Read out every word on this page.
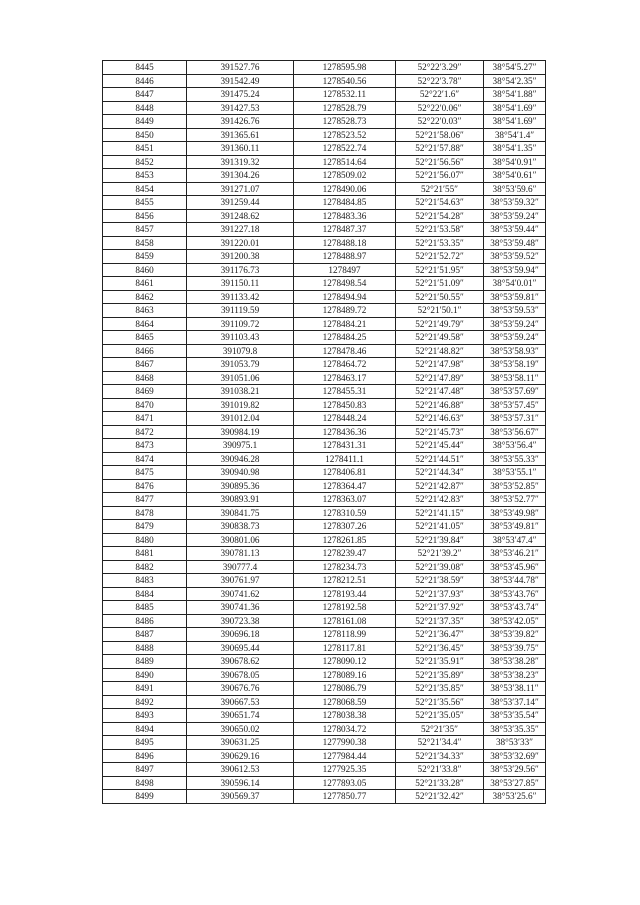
8445	391527.76	1278595.98	52°22′3.29″	38°54′5.27″
8446	391542.49	1278540.56	52°22′3.78″	38°54′2.35″
8447	391475.24	1278532.11	52°22′1.6″	38°54′1.88″
8448	391427.53	1278528.79	52°22′0.06″	38°54′1.69″
8449	391426.76	1278528.73	52°22′0.03″	38°54′1.69″
8450	391365.61	1278523.52	52°21′58.06″	38°54′1.4″
8451	391360.11	1278522.74	52°21′57.88″	38°54′1.35″
8452	391319.32	1278514.64	52°21′56.56″	38°54′0.91″
8453	391304.26	1278509.02	52°21′56.07″	38°54′0.61″
8454	391271.07	1278490.06	52°21′55″	38°53′59.6″
8455	391259.44	1278484.85	52°21′54.63″	38°53′59.32″
8456	391248.62	1278483.36	52°21′54.28″	38°53′59.24″
8457	391227.18	1278487.37	52°21′53.58″	38°53′59.44″
8458	391220.01	1278488.18	52°21′53.35″	38°53′59.48″
8459	391200.38	1278488.97	52°21′52.72″	38°53′59.52″
8460	391176.73	1278497	52°21′51.95″	38°53′59.94″
8461	391150.11	1278498.54	52°21′51.09″	38°54′0.01″
8462	391133.42	1278494.94	52°21′50.55″	38°53′59.81″
8463	391119.59	1278489.72	52°21′50.1″	38°53′59.53″
8464	391109.72	1278484.21	52°21′49.79″	38°53′59.24″
8465	391103.43	1278484.25	52°21′49.58″	38°53′59.24″
8466	391079.8	1278478.46	52°21′48.82″	38°53′58.93″
8467	391053.79	1278464.72	52°21′47.98″	38°53′58.19″
8468	391051.06	1278463.17	52°21′47.89″	38°53′58.11″
8469	391038.21	1278455.31	52°21′47.48″	38°53′57.69″
8470	391019.82	1278450.83	52°21′46.88″	38°53′57.45″
8471	391012.04	1278448.24	52°21′46.63″	38°53′57.31″
8472	390984.19	1278436.36	52°21′45.73″	38°53′56.67″
8473	390975.1	1278431.31	52°21′45.44″	38°53′56.4″
8474	390946.28	1278411.1	52°21′44.51″	38°53′55.33″
8475	390940.98	1278406.81	52°21′44.34″	38°53′55.1″
8476	390895.36	1278364.47	52°21′42.87″	38°53′52.85″
8477	390893.91	1278363.07	52°21′42.83″	38°53′52.77″
8478	390841.75	1278310.59	52°21′41.15″	38°53′49.98″
8479	390838.73	1278307.26	52°21′41.05″	38°53′49.81″
8480	390801.06	1278261.85	52°21′39.84″	38°53′47.4″
8481	390781.13	1278239.47	52°21′39.2″	38°53′46.21″
8482	390777.4	1278234.73	52°21′39.08″	38°53′45.96″
8483	390761.97	1278212.51	52°21′38.59″	38°53′44.78″
8484	390741.62	1278193.44	52°21′37.93″	38°53′43.76″
8485	390741.36	1278192.58	52°21′37.92″	38°53′43.74″
8486	390723.38	1278161.08	52°21′37.35″	38°53′42.05″
8487	390696.18	1278118.99	52°21′36.47″	38°53′39.82″
8488	390695.44	1278117.81	52°21′36.45″	38°53′39.75″
8489	390678.62	1278090.12	52°21′35.91″	38°53′38.28″
8490	390678.05	1278089.16	52°21′35.89″	38°53′38.23″
8491	390676.76	1278086.79	52°21′35.85″	38°53′38.11″
8492	390667.53	1278068.59	52°21′35.56″	38°53′37.14″
8493	390651.74	1278038.38	52°21′35.05″	38°53′35.54″
8494	390650.02	1278034.72	52°21′35″	38°53′35.35″
8495	390631.25	1277990.38	52°21′34.4″	38°53′33″
8496	390629.16	1277984.44	52°21′34.33″	38°53′32.69″
8497	390612.53	1277925.35	52°21′33.8″	38°53′29.56″
8498	390596.14	1277893.05	52°21′33.28″	38°53′27.85″
8499	390569.37	1277850.77	52°21′32.42″	38°53′25.6″
